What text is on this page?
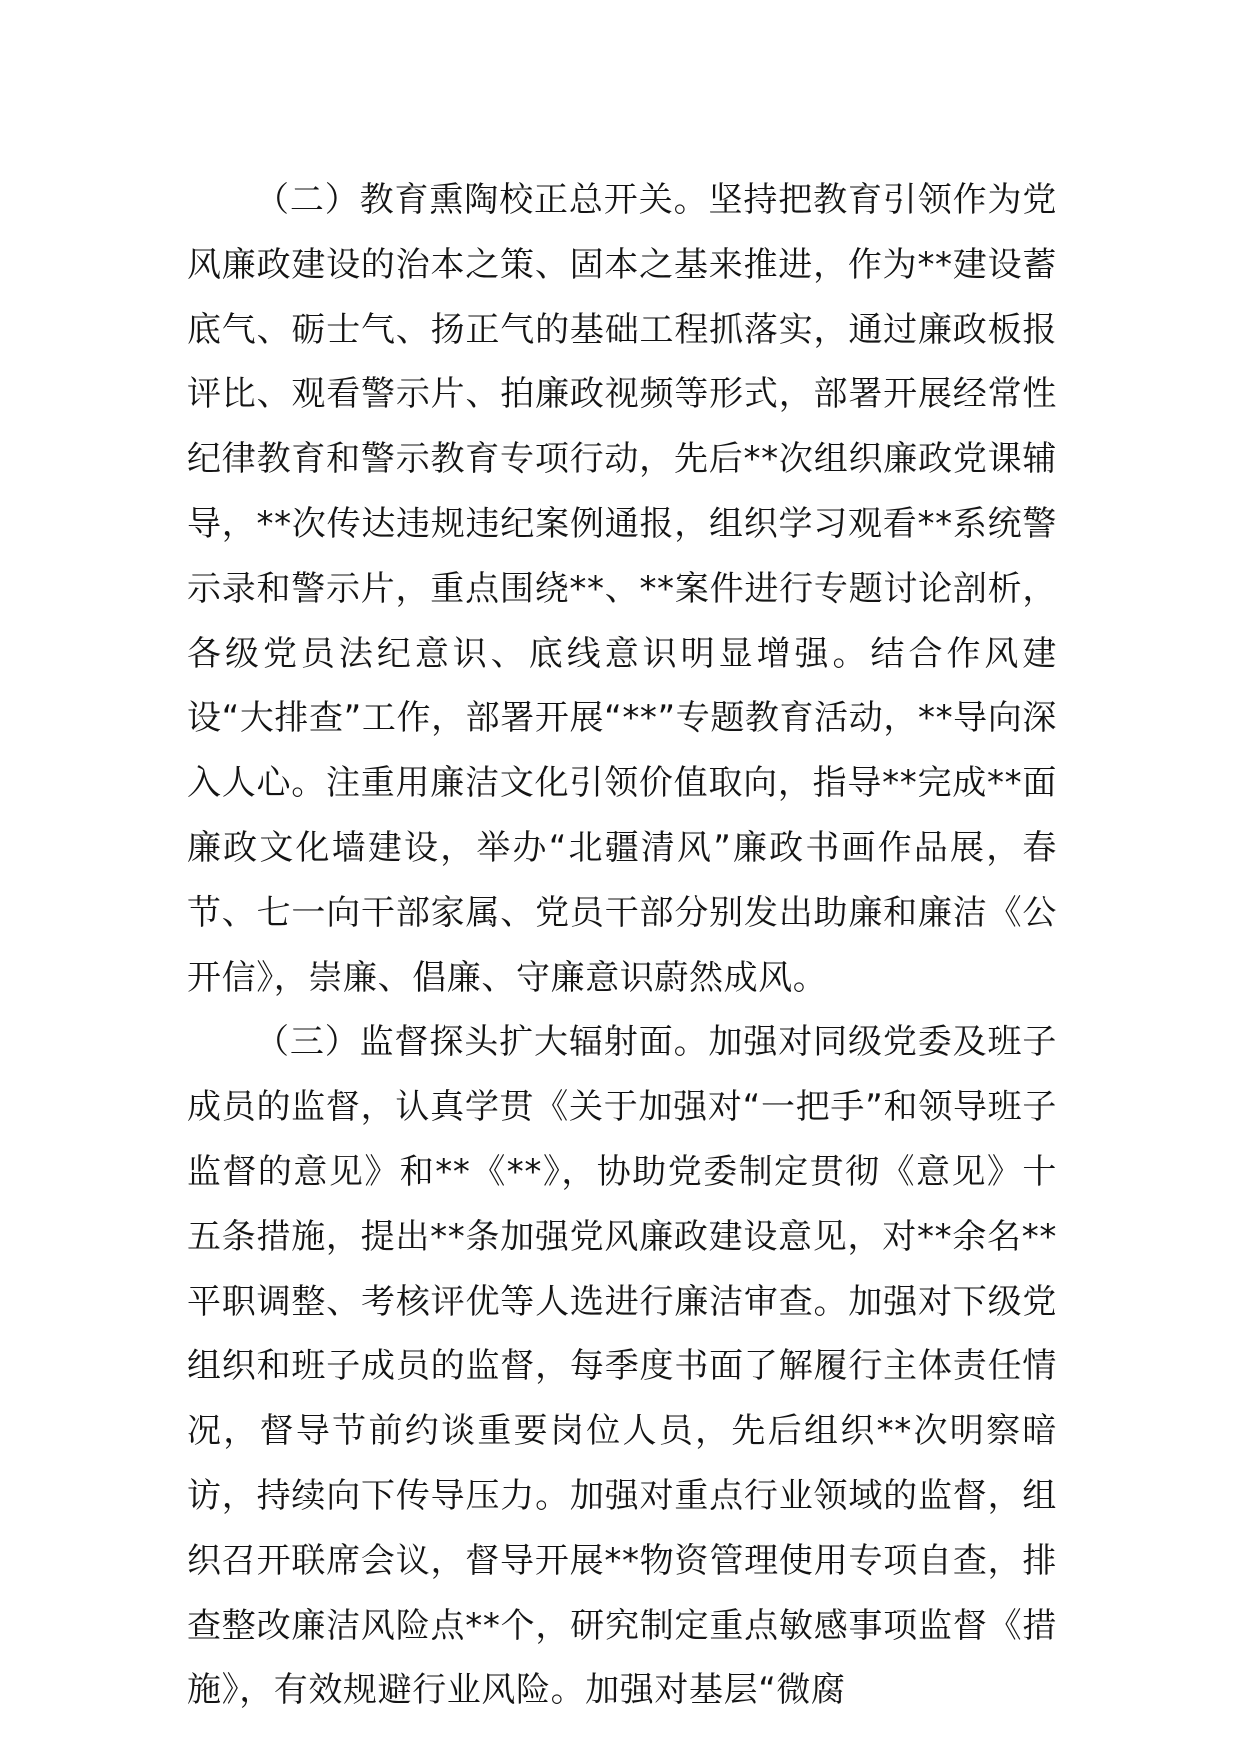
（二）教育熏陶校正总开关。坚持把教育引领作为党风廉政建设的治本之策、固本之基来推进，作为**建设蓄底气、砺士气、扬正气的基础工程抓落实，通过廉政板报评比、观看警示片、拍廉政视频等形式，部署开展经常性纪律教育和警示教育专项行动，先后**次组织廉政党课辅导，**次传达违规违纪案例通报，组织学习观看**系统警示录和警示片，重点围绕**、**案件进行专题讨论剖析，各级党员法纪意识、底线意识明显增强。结合作风建设“大排查”工作，部署开展“**”专题教育活动，**导向深入人心。注重用廉洁文化引领价值取向，指导**完成**面廉政文化墙建设，举办“北疆清风”廉政书画作品展，春节、七一向干部家属、党员干部分别发出助廉和廉洁《公开信》，崇廉、倡廉、守廉意识蔚然成风。

（三）监督探头扩大辐射面。加强对同级党委及班子成员的监督，认真学贯《关于加强对“一把手”和领导班子监督的意见》和**《**》，协助党委制定贯彻《意见》十五条措施，提出**条加强党风廉政建设意见，对**余名**平职调整、考核评优等人选进行廉洁审查。加强对下级党组织和班子成员的监督，每季度书面了解履行主体责任情况，督导节前约谈重要岗位人员，先后组织**次明察暗访，持续向下传导压力。加强对重点行业领域的监督，组织召开联席会议，督导开展**物资管理使用专项自查，排查整改廉洁风险点**个，研究制定重点敏感事项监督《措施》，有效规避行业风险。加强对基层“微腐
